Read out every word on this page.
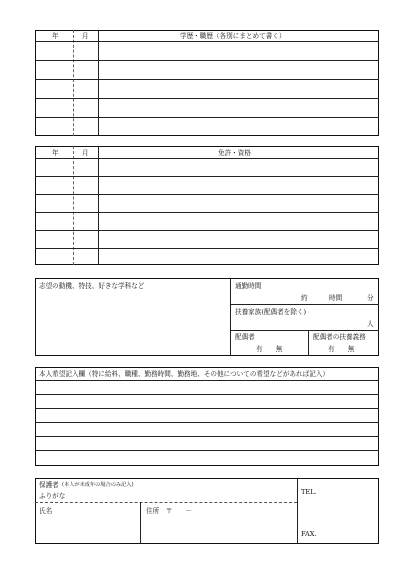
年	月	学歴・職歴（各別にまとめて書く）
年	月	免許・資格
志望の動機、特技、好きな学科など	通勤時間
約	時間	分
扶養家族(配偶者を除く)
人
配偶者
有　　無
配偶者の扶養義務
有　　無
本人希望記入欄（特に給料、職種、勤務時間、勤務地、その他についての希望などがあれば記入）
保護者 (本人が未成年の場合のみ記入)
ふりがな
氏名	住所　〒　　－
TEL.
FAX.
